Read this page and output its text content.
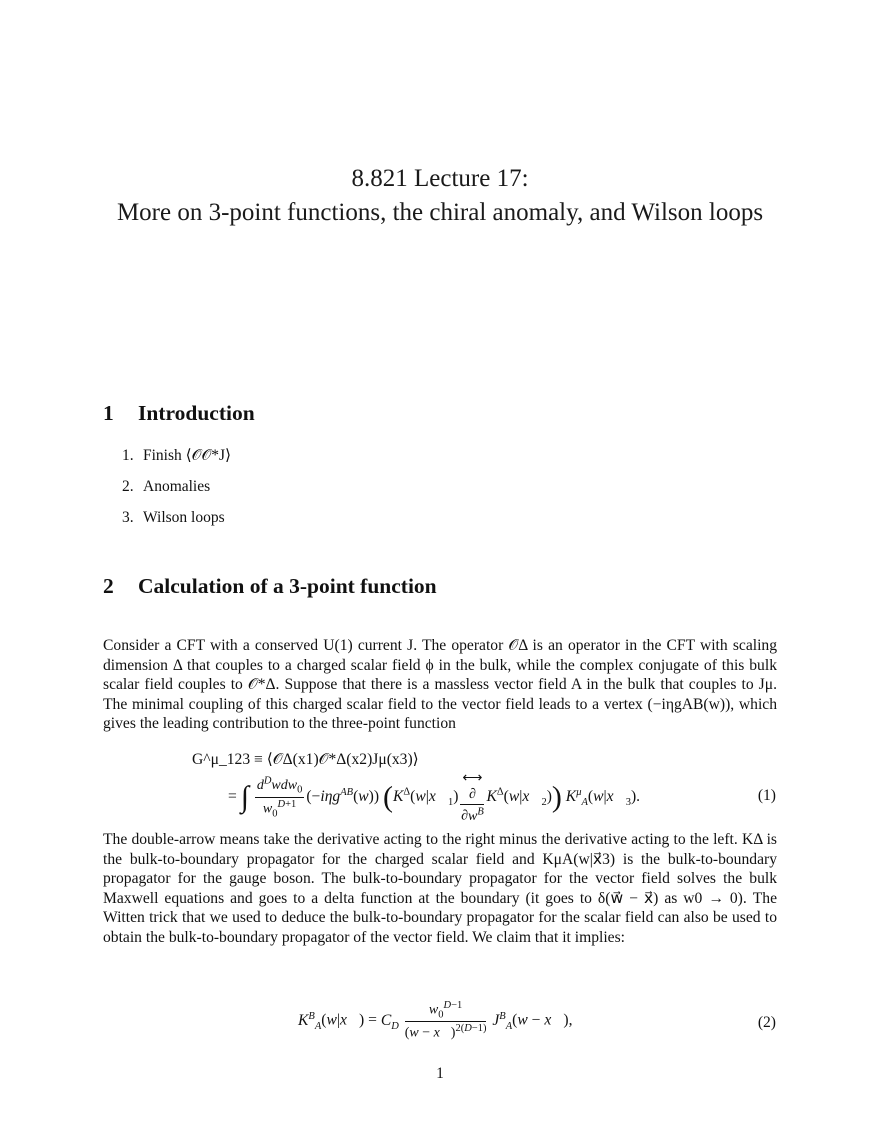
8.821 Lecture 17:
More on 3-point functions, the chiral anomaly, and Wilson loops
1 Introduction
1. Finish ⟨𝒪𝒪*J⟩
2. Anomalies
3. Wilson loops
2 Calculation of a 3-point function
Consider a CFT with a conserved U(1) current J. The operator 𝒪Δ is an operator in the CFT with scaling dimension Δ that couples to a charged scalar field ϕ in the bulk, while the complex conjugate of this bulk scalar field couples to 𝒪*Δ. Suppose that there is a massless vector field A in the bulk that couples to Jμ. The minimal coupling of this charged scalar field to the vector field leads to a vertex (−iηgAB(w)), which gives the leading contribution to the three-point function
G^μ_123 ≡ ⟨𝒪Δ(x1)𝒪*Δ(x2)Jμ(x3)⟩
= ∫ $\frac{d^Dwdw_0}{w_0^{D+1}} (-i\eta g^{AB}(w))$ ($K^\Delta(w|x⃗_1)$
⟷
∂
$\partial w^B$
$K^\Delta(w|x⃗_2)$) $K^\mu_A(w|x⃗_3)$.	(1)
The double-arrow means take the derivative acting to the right minus the derivative acting to the left. KΔ is the bulk-to-boundary propagator for the charged scalar field and KμA(w|x⃗3) is the bulk-to-boundary propagator for the gauge boson. The bulk-to-boundary propagator for the vector field solves the bulk Maxwell equations and goes to a delta function at the boundary (it goes to δ(w⃗ − x⃗) as w0 → 0). The Witten trick that we used to deduce the bulk-to-boundary propagator for the scalar field can also be used to obtain the bulk-to-boundary propagator of the vector field. We claim that it implies:
$K^B_A(w|x⃗) = C_D \frac{w_0^{D-1}}{(w - x⃗)^{2(D-1)}} J^B_A(w$ − x⃗),	(2)
1
